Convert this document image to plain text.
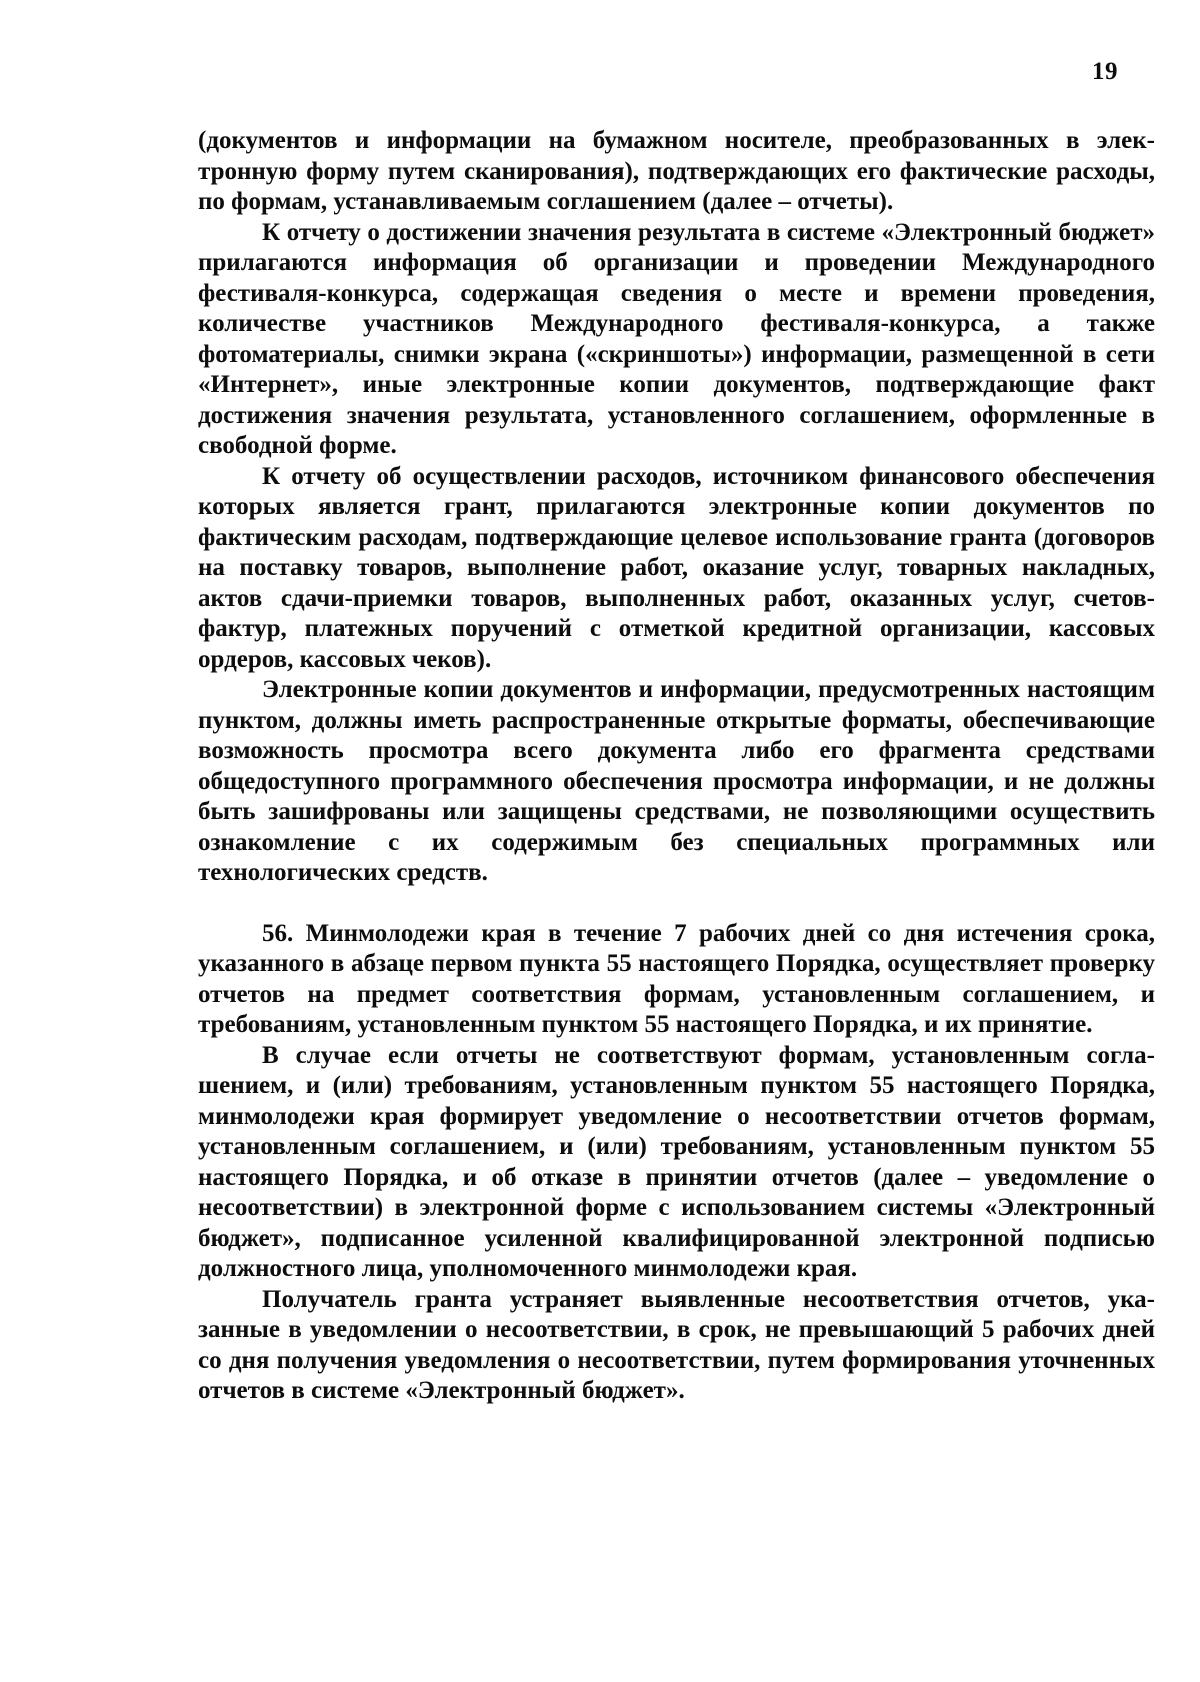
19

(документов и информации на бумажном носителе, преобразованных в электронную форму путем сканирования), подтверждающих его фактические расходы, по формам, устанавливаемым соглашением (далее – отчеты).

К отчету о достижении значения результата в системе «Электронный бюджет» прилагаются информация об организации и проведении Международного фестиваля-конкурса, содержащая сведения о месте и времени проведения, количестве участников Международного фестиваля-конкурса, а также фотоматериалы, снимки экрана («скриншоты») информации, размещенной в сети «Интернет», иные электронные копии документов, подтверждающие факт достижения значения результата, установленного соглашением, оформленные в свободной форме.

К отчету об осуществлении расходов, источником финансового обеспечения которых является грант, прилагаются электронные копии документов по фактическим расходам, подтверждающие целевое использование гранта (договоров на поставку товаров, выполнение работ, оказание услуг, товарных накладных, актов сдачи-приемки товаров, выполненных работ, оказанных услуг, счетов-фактур, платежных поручений с отметкой кредитной организации, кассовых ордеров, кассовых чеков).

Электронные копии документов и информации, предусмотренных настоящим пунктом, должны иметь распространенные открытые форматы, обеспечивающие возможность просмотра всего документа либо его фрагмента средствами общедоступного программного обеспечения просмотра информации, и не должны быть зашифрованы или защищены средствами, не позволяющими осуществить ознакомление с их содержимым без специальных программных или технологических средств.

56. Минмолодежи края в течение 7 рабочих дней со дня истечения срока, указанного в абзаце первом пункта 55 настоящего Порядка, осуществляет проверку отчетов на предмет соответствия формам, установленным соглашением, и требованиям, установленным пунктом 55 настоящего Порядка, и их принятие.

В случае если отчеты не соответствуют формам, установленным соглашением, и (или) требованиям, установленным пунктом 55 настоящего Порядка, минмолодежи края формирует уведомление о несоответствии отчетов формам, установленным соглашением, и (или) требованиям, установленным пунктом 55 настоящего Порядка, и об отказе в принятии отчетов (далее – уведомление о несоответствии) в электронной форме с использованием системы «Электронный бюджет», подписанное усиленной квалифицированной электронной подписью должностного лица, уполномоченного минмолодежи края.

Получатель гранта устраняет выявленные несоответствия отчетов, указанные в уведомлении о несоответствии, в срок, не превышающий 5 рабочих дней со дня получения уведомления о несоответствии, путем формирования уточненных отчетов в системе «Электронный бюджет».
